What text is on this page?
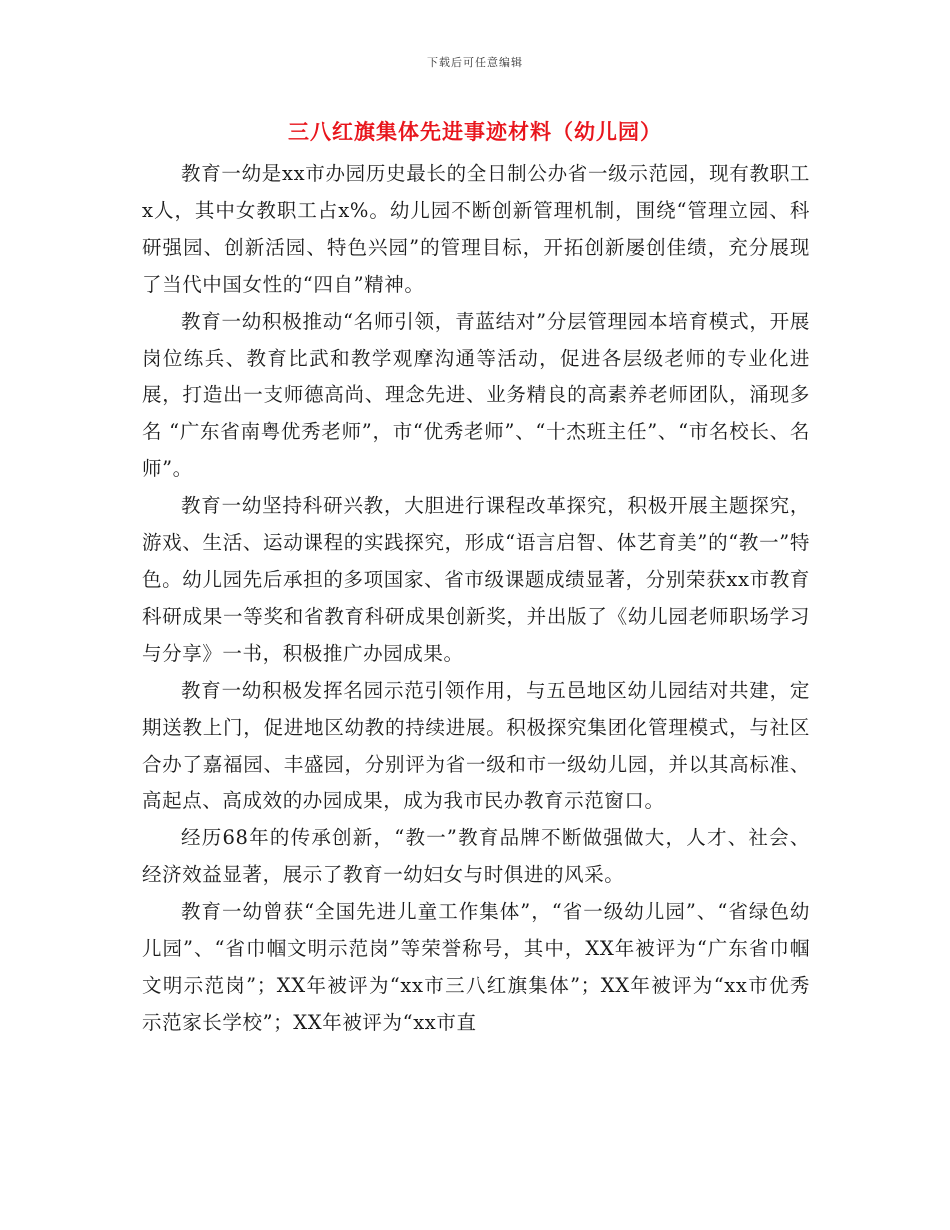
下载后可任意编辑
三八红旗集体先进事迹材料（幼儿园）

教育一幼是xx市办园历史最长的全日制公办省一级示范园，现有教职工x人，其中女教职工占x%。幼儿园不断创新管理机制，围绕“管理立园、科研强园、创新活园、特色兴园”的管理目标，开拓创新屡创佳绩，充分展现了当代中国女性的“四自”精神。

教育一幼积极推动“名师引领，青蓝结对”分层管理园本培育模式，开展岗位练兵、教育比武和教学观摩沟通等活动，促进各层级老师的专业化进展，打造出一支师德高尚、理念先进、业务精良的高素养老师团队，涌现多名 “广东省南粤优秀老师”，市“优秀老师”、“十杰班主任”、“市名校长、名师”。

教育一幼坚持科研兴教，大胆进行课程改革探究，积极开展主题探究，游戏、生活、运动课程的实践探究，形成“语言启智、体艺育美”的“教一”特色。幼儿园先后承担的多项国家、省市级课题成绩显著，分别荣获xx市教育科研成果一等奖和省教育科研成果创新奖，并出版了《幼儿园老师职场学习与分享》一书，积极推广办园成果。

教育一幼积极发挥名园示范引领作用，与五邑地区幼儿园结对共建，定期送教上门，促进地区幼教的持续进展。积极探究集团化管理模式，与社区合办了嘉福园、丰盛园，分别评为省一级和市一级幼儿园，并以其高标准、高起点、高成效的办园成果，成为我市民办教育示范窗口。

经历68年的传承创新，“教一”教育品牌不断做强做大，人才、社会、经济效益显著，展示了教育一幼妇女与时俱进的风采。

教育一幼曾获“全国先进儿童工作集体”，“省一级幼儿园”、“省绿色幼儿园”、“省巾帼文明示范岗”等荣誉称号，其中，XX年被评为“广东省巾帼文明示范岗”；XX年被评为“xx市三八红旗集体”；XX年被评为“xx市优秀示范家长学校”；XX年被评为“xx市直
